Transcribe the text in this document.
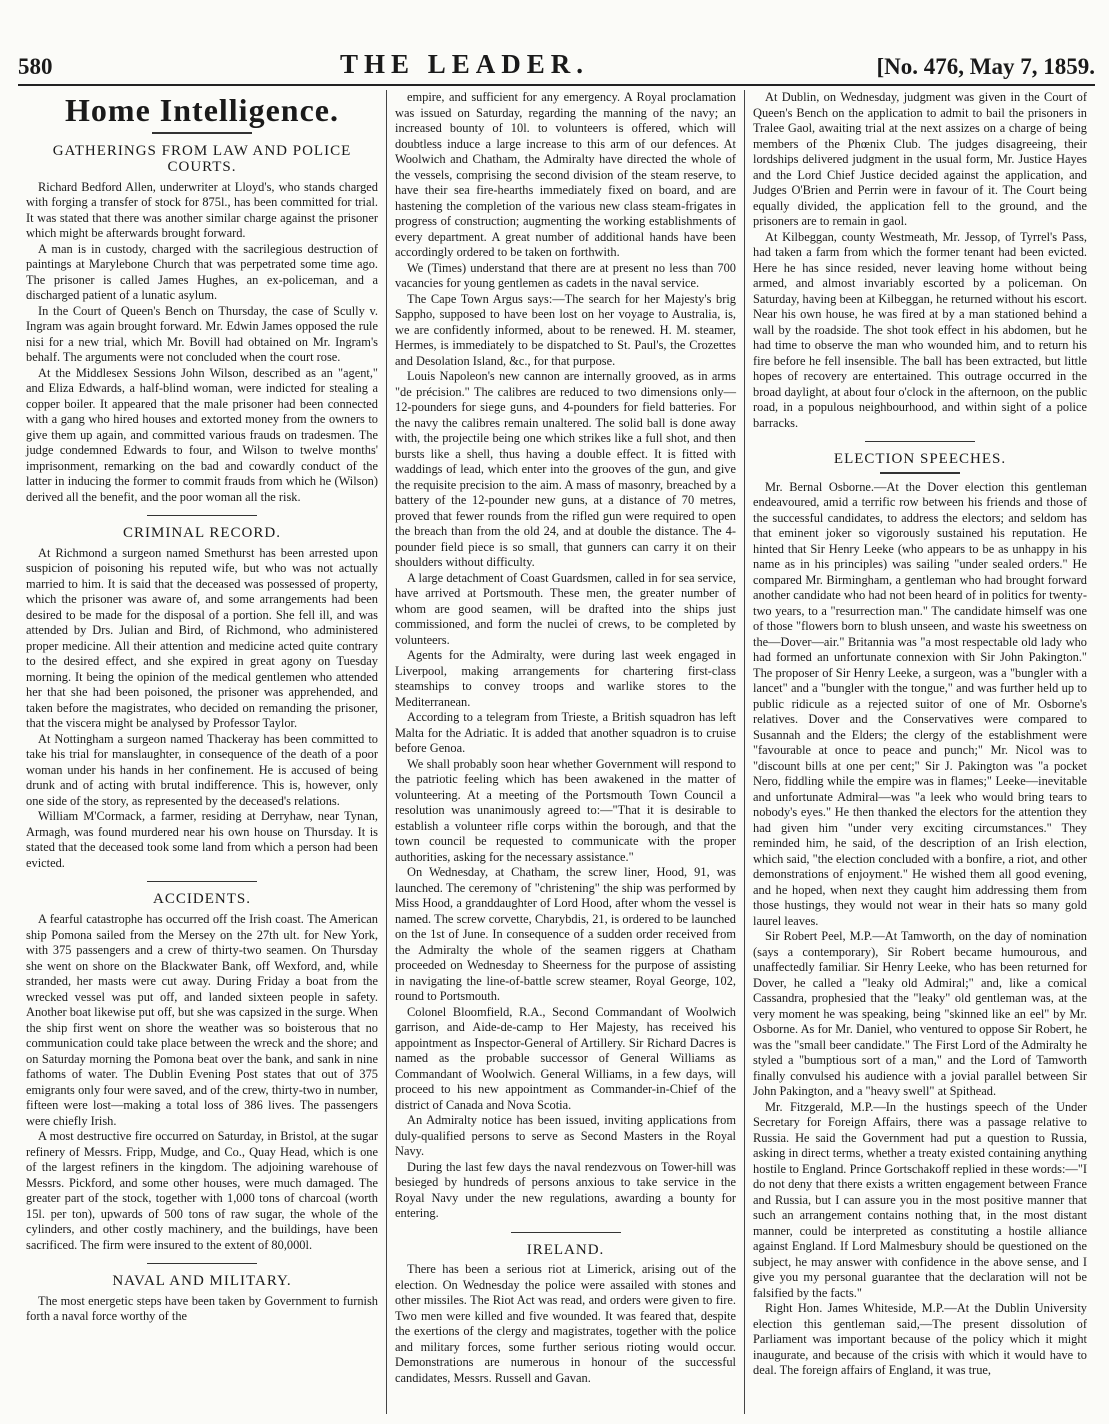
580	THE LEADER.	[No. 476, May 7, 1859.
Home Intelligence.
GATHERINGS FROM LAW AND POLICE COURTS.

Richard Bedford Allen, underwriter at Lloyd's, who stands charged with forging a transfer of stock for 875l., has been committed for trial. It was stated that there was another similar charge against the prisoner which might be afterwards brought forward.

A man is in custody, charged with the sacrilegious destruction of paintings at Marylebone Church that was perpetrated some time ago. The prisoner is called James Hughes, an ex-policeman, and a discharged patient of a lunatic asylum.

In the Court of Queen's Bench on Thursday, the case of Scully v. Ingram was again brought forward. Mr. Edwin James opposed the rule nisi for a new trial, which Mr. Bovill had obtained on Mr. Ingram's behalf. The arguments were not concluded when the court rose.

At the Middlesex Sessions John Wilson, described as an "agent," and Eliza Edwards, a half-blind woman, were indicted for stealing a copper boiler. It appeared that the male prisoner had been connected with a gang who hired houses and extorted money from the owners to give them up again, and committed various frauds on tradesmen. The judge condemned Edwards to four, and Wilson to twelve months' imprisonment, remarking on the bad and cowardly conduct of the latter in inducing the former to commit frauds from which he (Wilson) derived all the benefit, and the poor woman all the risk.

CRIMINAL RECORD.

At Richmond a surgeon named Smethurst has been arrested upon suspicion of poisoning his reputed wife, but who was not actually married to him. It is said that the deceased was possessed of property, which the prisoner was aware of, and some arrangements had been desired to be made for the disposal of a portion. She fell ill, and was attended by Drs. Julian and Bird, of Richmond, who administered proper medicine. All their attention and medicine acted quite contrary to the desired effect, and she expired in great agony on Tuesday morning. It being the opinion of the medical gentlemen who attended her that she had been poisoned, the prisoner was apprehended, and taken before the magistrates, who decided on remanding the prisoner, that the viscera might be analysed by Professor Taylor.

At Nottingham a surgeon named Thackeray has been committed to take his trial for manslaughter, in consequence of the death of a poor woman under his hands in her confinement. He is accused of being drunk and of acting with brutal indifference. This is, however, only one side of the story, as represented by the deceased's relations.

William M'Cormack, a farmer, residing at Derryhaw, near Tynan, Armagh, was found murdered near his own house on Thursday. It is stated that the deceased took some land from which a person had been evicted.

ACCIDENTS.

A fearful catastrophe has occurred off the Irish coast. The American ship Pomona sailed from the Mersey on the 27th ult. for New York, with 375 passengers and a crew of thirty-two seamen. On Thursday she went on shore on the Blackwater Bank, off Wexford, and, while stranded, her masts were cut away. During Friday a boat from the wrecked vessel was put off, and landed sixteen people in safety. Another boat likewise put off, but she was capsized in the surge. When the ship first went on shore the weather was so boisterous that no communication could take place between the wreck and the shore; and on Saturday morning the Pomona beat over the bank, and sank in nine fathoms of water. The Dublin Evening Post states that out of 375 emigrants only four were saved, and of the crew, thirty-two in number, fifteen were lost—making a total loss of 386 lives. The passengers were chiefly Irish.

A most destructive fire occurred on Saturday, in Bristol, at the sugar refinery of Messrs. Fripp, Mudge, and Co., Quay Head, which is one of the largest refiners in the kingdom. The adjoining warehouse of Messrs. Pickford, and some other houses, were much damaged. The greater part of the stock, together with 1,000 tons of charcoal (worth 15l. per ton), upwards of 500 tons of raw sugar, the whole of the cylinders, and other costly machinery, and the buildings, have been sacrificed. The firm were insured to the extent of 80,000l.

NAVAL AND MILITARY.

The most energetic steps have been taken by Government to furnish forth a naval force worthy of the

empire, and sufficient for any emergency. A Royal proclamation was issued on Saturday, regarding the manning of the navy; an increased bounty of 10l. to volunteers is offered, which will doubtless induce a large increase to this arm of our defences. At Woolwich and Chatham, the Admiralty have directed the whole of the vessels, comprising the second division of the steam reserve, to have their sea fire-hearths immediately fixed on board, and are hastening the completion of the various new class steam-frigates in progress of construction; augmenting the working establishments of every department. A great number of additional hands have been accordingly ordered to be taken on forthwith.

We (Times) understand that there are at present no less than 700 vacancies for young gentlemen as cadets in the naval service.

The Cape Town Argus says:—The search for her Majesty's brig Sappho, supposed to have been lost on her voyage to Australia, is, we are confidently informed, about to be renewed. H. M. steamer, Hermes, is immediately to be dispatched to St. Paul's, the Crozettes and Desolation Island, &c., for that purpose.

Louis Napoleon's new cannon are internally grooved, as in arms "de précision." The calibres are reduced to two dimensions only—12-pounders for siege guns, and 4-pounders for field batteries. For the navy the calibres remain unaltered. The solid ball is done away with, the projectile being one which strikes like a full shot, and then bursts like a shell, thus having a double effect. It is fitted with waddings of lead, which enter into the grooves of the gun, and give the requisite precision to the aim. A mass of masonry, breached by a battery of the 12-pounder new guns, at a distance of 70 metres, proved that fewer rounds from the rifled gun were required to open the breach than from the old 24, and at double the distance. The 4-pounder field piece is so small, that gunners can carry it on their shoulders without difficulty.

A large detachment of Coast Guardsmen, called in for sea service, have arrived at Portsmouth. These men, the greater number of whom are good seamen, will be drafted into the ships just commissioned, and form the nuclei of crews, to be completed by volunteers.

Agents for the Admiralty, were during last week engaged in Liverpool, making arrangements for chartering first-class steamships to convey troops and warlike stores to the Mediterranean.

According to a telegram from Trieste, a British squadron has left Malta for the Adriatic. It is added that another squadron is to cruise before Genoa.

We shall probably soon hear whether Government will respond to the patriotic feeling which has been awakened in the matter of volunteering. At a meeting of the Portsmouth Town Council a resolution was unanimously agreed to:—"That it is desirable to establish a volunteer rifle corps within the borough, and that the town council be requested to communicate with the proper authorities, asking for the necessary assistance."

On Wednesday, at Chatham, the screw liner, Hood, 91, was launched. The ceremony of "christening" the ship was performed by Miss Hood, a granddaughter of Lord Hood, after whom the vessel is named. The screw corvette, Charybdis, 21, is ordered to be launched on the 1st of June. In consequence of a sudden order received from the Admiralty the whole of the seamen riggers at Chatham proceeded on Wednesday to Sheerness for the purpose of assisting in navigating the line-of-battle screw steamer, Royal George, 102, round to Portsmouth.

Colonel Bloomfield, R.A., Second Commandant of Woolwich garrison, and Aide-de-camp to Her Majesty, has received his appointment as Inspector-General of Artillery. Sir Richard Dacres is named as the probable successor of General Williams as Commandant of Woolwich. General Williams, in a few days, will proceed to his new appointment as Commander-in-Chief of the district of Canada and Nova Scotia.

An Admiralty notice has been issued, inviting applications from duly-qualified persons to serve as Second Masters in the Royal Navy.

During the last few days the naval rendezvous on Tower-hill was besieged by hundreds of persons anxious to take service in the Royal Navy under the new regulations, awarding a bounty for entering.

IRELAND.

There has been a serious riot at Limerick, arising out of the election. On Wednesday the police were assailed with stones and other missiles. The Riot Act was read, and orders were given to fire. Two men were killed and five wounded. It was feared that, despite the exertions of the clergy and magistrates, together with the police and military forces, some further serious rioting would occur. Demonstrations are numerous in honour of the successful candidates, Messrs. Russell and Gavan.

At Dublin, on Wednesday, judgment was given in the Court of Queen's Bench on the application to admit to bail the prisoners in Tralee Gaol, awaiting trial at the next assizes on a charge of being members of the Phœnix Club. The judges disagreeing, their lordships delivered judgment in the usual form, Mr. Justice Hayes and the Lord Chief Justice decided against the application, and Judges O'Brien and Perrin were in favour of it. The Court being equally divided, the application fell to the ground, and the prisoners are to remain in gaol.

At Kilbeggan, county Westmeath, Mr. Jessop, of Tyrrel's Pass, had taken a farm from which the former tenant had been evicted. Here he has since resided, never leaving home without being armed, and almost invariably escorted by a policeman. On Saturday, having been at Kilbeggan, he returned without his escort. Near his own house, he was fired at by a man stationed behind a wall by the roadside. The shot took effect in his abdomen, but he had time to observe the man who wounded him, and to return his fire before he fell insensible. The ball has been extracted, but little hopes of recovery are entertained. This outrage occurred in the broad daylight, at about four o'clock in the afternoon, on the public road, in a populous neighbourhood, and within sight of a police barracks.

ELECTION SPEECHES.

Mr. Bernal Osborne.—At the Dover election this gentleman endeavoured, amid a terrific row between his friends and those of the successful candidates, to address the electors; and seldom has that eminent joker so vigorously sustained his reputation. He hinted that Sir Henry Leeke (who appears to be as unhappy in his name as in his principles) was sailing "under sealed orders." He compared Mr. Birmingham, a gentleman who had brought forward another candidate who had not been heard of in politics for twenty-two years, to a "resurrection man." The candidate himself was one of those "flowers born to blush unseen, and waste his sweetness on the—Dover—air." Britannia was "a most respectable old lady who had formed an unfortunate connexion with Sir John Pakington." The proposer of Sir Henry Leeke, a surgeon, was a "bungler with a lancet" and a "bungler with the tongue," and was further held up to public ridicule as a rejected suitor of one of Mr. Osborne's relatives. Dover and the Conservatives were compared to Susannah and the Elders; the clergy of the establishment were "favourable at once to peace and punch;" Mr. Nicol was to "discount bills at one per cent;" Sir J. Pakington was "a pocket Nero, fiddling while the empire was in flames;" Leeke—inevitable and unfortunate Admiral—was "a leek who would bring tears to nobody's eyes." He then thanked the electors for the attention they had given him "under very exciting circumstances." They reminded him, he said, of the description of an Irish election, which said, "the election concluded with a bonfire, a riot, and other demonstrations of enjoyment." He wished them all good evening, and he hoped, when next they caught him addressing them from those hustings, they would not wear in their hats so many gold laurel leaves.

Sir Robert Peel, M.P.—At Tamworth, on the day of nomination (says a contemporary), Sir Robert became humourous, and unaffectedly familiar. Sir Henry Leeke, who has been returned for Dover, he called a "leaky old Admiral;" and, like a comical Cassandra, prophesied that the "leaky" old gentleman was, at the very moment he was speaking, being "skinned like an eel" by Mr. Osborne. As for Mr. Daniel, who ventured to oppose Sir Robert, he was the "small beer candidate." The First Lord of the Admiralty he styled a "bumptious sort of a man," and the Lord of Tamworth finally convulsed his audience with a jovial parallel between Sir John Pakington, and a "heavy swell" at Spithead.

Mr. Fitzgerald, M.P.—In the hustings speech of the Under Secretary for Foreign Affairs, there was a passage relative to Russia. He said the Government had put a question to Russia, asking in direct terms, whether a treaty existed containing anything hostile to England. Prince Gortschakoff replied in these words:—"I do not deny that there exists a written engagement between France and Russia, but I can assure you in the most positive manner that such an arrangement contains nothing that, in the most distant manner, could be interpreted as constituting a hostile alliance against England. If Lord Malmesbury should be questioned on the subject, he may answer with confidence in the above sense, and I give you my personal guarantee that the declaration will not be falsified by the facts."

Right Hon. James Whiteside, M.P.—At the Dublin University election this gentleman said,—The present dissolution of Parliament was important because of the policy which it might inaugurate, and because of the crisis with which it would have to deal. The foreign affairs of England, it was true,
